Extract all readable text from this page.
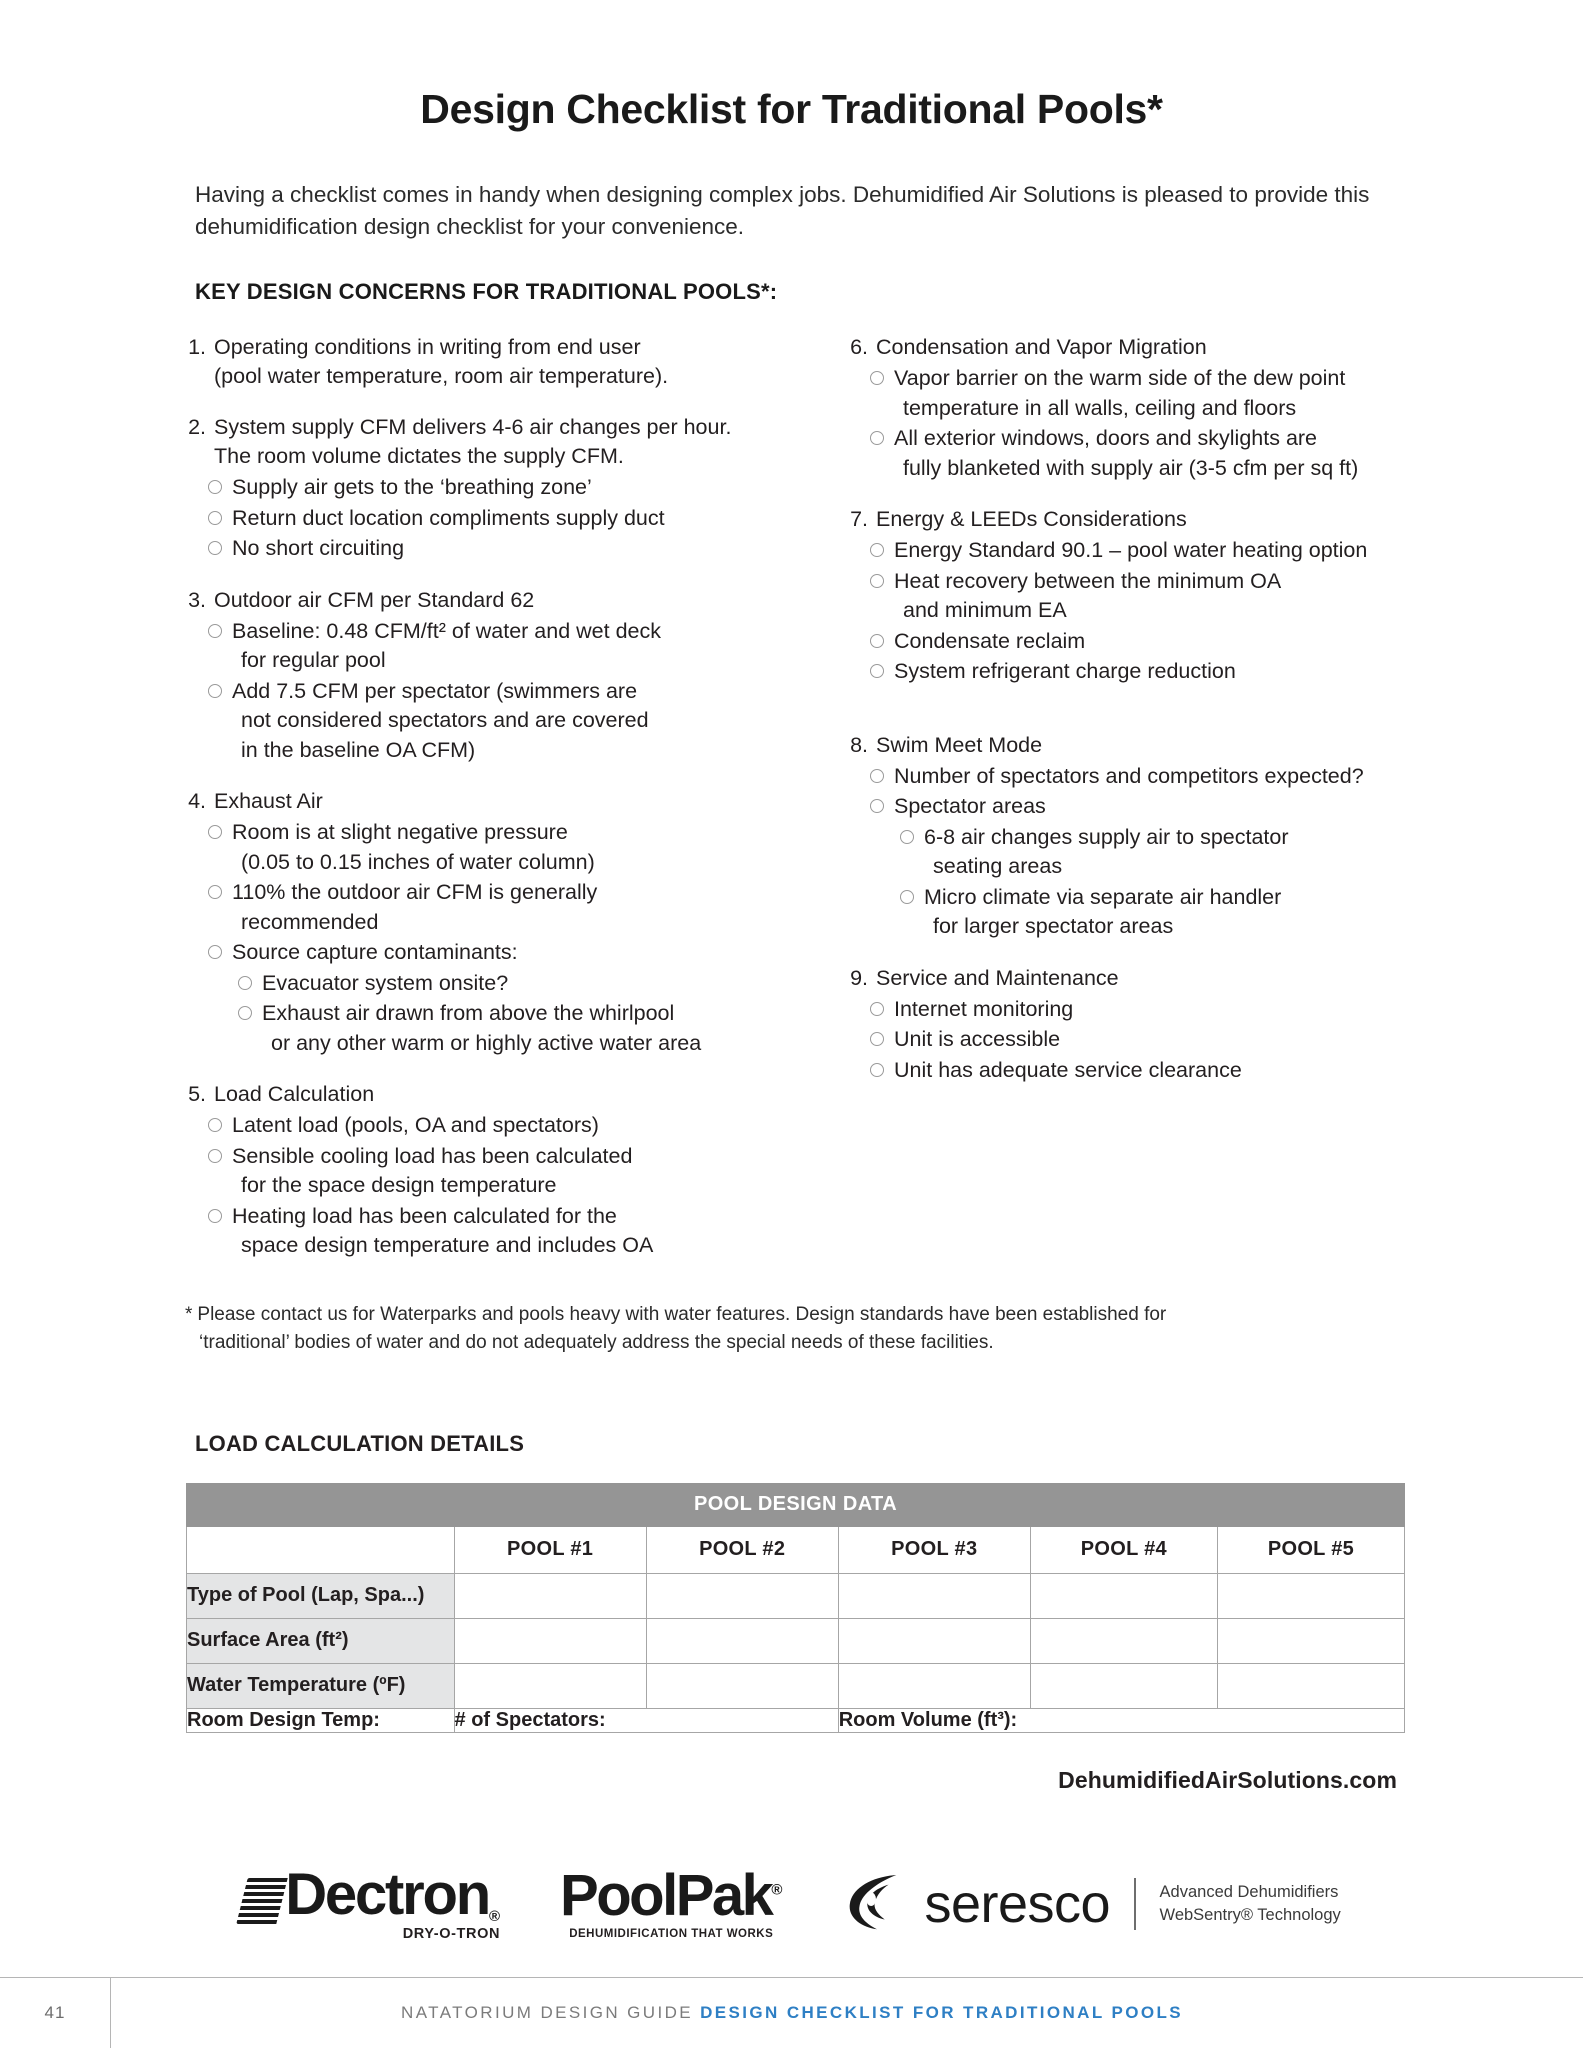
Design Checklist for Traditional Pools*

Having a checklist comes in handy when designing complex jobs. Dehumidified Air Solutions is pleased to provide this dehumidification design checklist for your convenience.

KEY DESIGN CONCERNS FOR TRADITIONAL POOLS*:
1. Operating conditions in writing from end user
(pool water temperature, room air temperature).
2. System supply CFM delivers 4-6 air changes per hour.
The room volume dictates the supply CFM.
Supply air gets to the ‘breathing zone’
Return duct location compliments supply duct
No short circuiting
3. Outdoor air CFM per Standard 62
Baseline: 0.48 CFM/ft² of water and wet deck
for regular pool
Add 7.5 CFM per spectator (swimmers are
not considered spectators and are covered
in the baseline OA CFM)
4. Exhaust Air
Room is at slight negative pressure
(0.05 to 0.15 inches of water column)
110% the outdoor air CFM is generally
recommended
Source capture contaminants:
Evacuator system onsite?
Exhaust air drawn from above the whirlpool
or any other warm or highly active water area
5. Load Calculation
Latent load (pools, OA and spectators)
Sensible cooling load has been calculated
for the space design temperature
Heating load has been calculated for the
space design temperature and includes OA
6. Condensation and Vapor Migration
Vapor barrier on the warm side of the dew point
temperature in all walls, ceiling and floors
All exterior windows, doors and skylights are
fully blanketed with supply air (3-5 cfm per sq ft)
7. Energy & LEEDs Considerations
Energy Standard 90.1 – pool water heating option
Heat recovery between the minimum OA
and minimum EA
Condensate reclaim
System refrigerant charge reduction
8. Swim Meet Mode
Number of spectators and competitors expected?
Spectator areas
6-8 air changes supply air to spectator
seating areas
Micro climate via separate air handler
for larger spectator areas
9. Service and Maintenance
Internet monitoring
Unit is accessible
Unit has adequate service clearance
* Please contact us for Waterparks and pools heavy with water features. Design standards have been established for
‘traditional’ bodies of water and do not adequately address the special needs of these facilities.
LOAD CALCULATION DETAILS
POOL DESIGN DATA					
	POOL #1	POOL #2	POOL #3	POOL #4	POOL #5
Type of Pool (Lap, Spa...)					
Surface Area (ft²)					
Water Temperature (ºF)					
Room Design Temp:	# of Spectators:		Room Volume (ft³):		
DehumidifiedAirSolutions.com
Dectron ®
DRY-O-TRON
PoolPak®
DEHUMIDIFICATION THAT WORKS
seresco	Advanced Dehumidifiers
WebSentry® Technology
41	NATATORIUM DESIGN GUIDE DESIGN CHECKLIST FOR TRADITIONAL POOLS
